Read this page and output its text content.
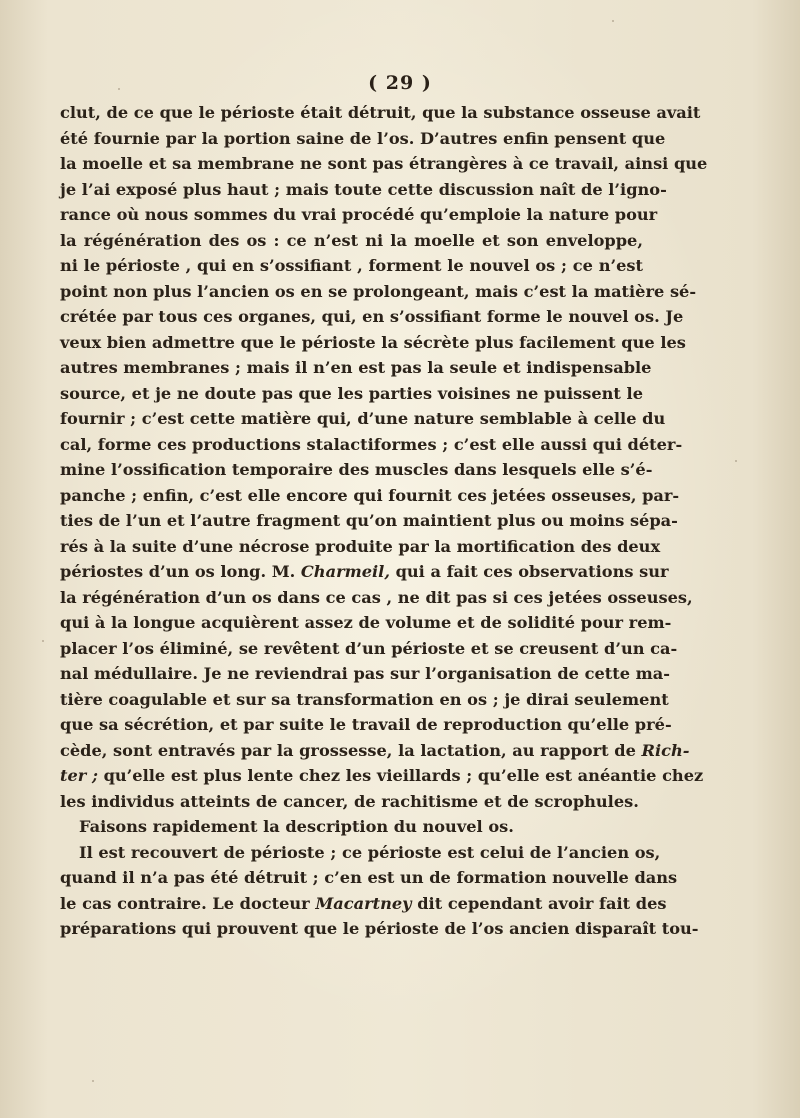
( 29 )
clut, de ce que le périoste était détruit, que la substance osseuse avait
été fournie par la portion saine de l’os. D’autres enfin pensent que
la moelle et sa membrane ne sont pas étrangères à ce travail, ainsi que
je l’ai exposé plus haut ; mais toute cette discussion naît de l’igno-
rance où nous sommes du vrai procédé qu’emploie la nature pour
la régénération des os : ce n’est ni la moelle et son enveloppe,
ni le périoste , qui en s’ossifiant , forment le nouvel os ; ce n’est
point non plus l’ancien os en se prolongeant, mais c’est la matière sé-
crétée par tous ces organes, qui, en s’ossifiant forme le nouvel os. Je
veux bien admettre que le périoste la sécrète plus facilement que les
autres membranes ; mais il n’en est pas la seule et indispensable
source, et je ne doute pas que les parties voisines ne puissent le
fournir ; c’est cette matière qui, d’une nature semblable à celle du
cal, forme ces productions stalactiformes ; c’est elle aussi qui déter-
mine l’ossification temporaire des muscles dans lesquels elle s’é-
panche ; enfin, c’est elle encore qui fournit ces jetées osseuses, par-
ties de l’un et l’autre fragment qu’on maintient plus ou moins sépa-
rés à la suite d’une nécrose produite par la mortification des deux
périostes d’un os long. M. Charmeil, qui a fait ces observations sur
la régénération d’un os dans ce cas , ne dit pas si ces jetées osseuses,
qui à la longue acquièrent assez de volume et de solidité pour rem-
placer l’os éliminé, se revêtent d’un périoste et se creusent d’un ca-
nal médullaire. Je ne reviendrai pas sur l’organisation de cette ma-
tière coagulable et sur sa transformation en os ; je dirai seulement
que sa sécrétion, et par suite le travail de reproduction qu’elle pré-
cède, sont entravés par la grossesse, la lactation, au rapport de Rich-
ter ; qu’elle est plus lente chez les vieillards ; qu’elle est anéantie chez
les individus atteints de cancer, de rachitisme et de scrophules.
Faisons rapidement la description du nouvel os.
Il est recouvert de périoste ; ce périoste est celui de l’ancien os,
quand il n’a pas été détruit ; c’en est un de formation nouvelle dans
le cas contraire. Le docteur Macartney dit cependant avoir fait des
préparations qui prouvent que le périoste de l’os ancien disparaît tou-
